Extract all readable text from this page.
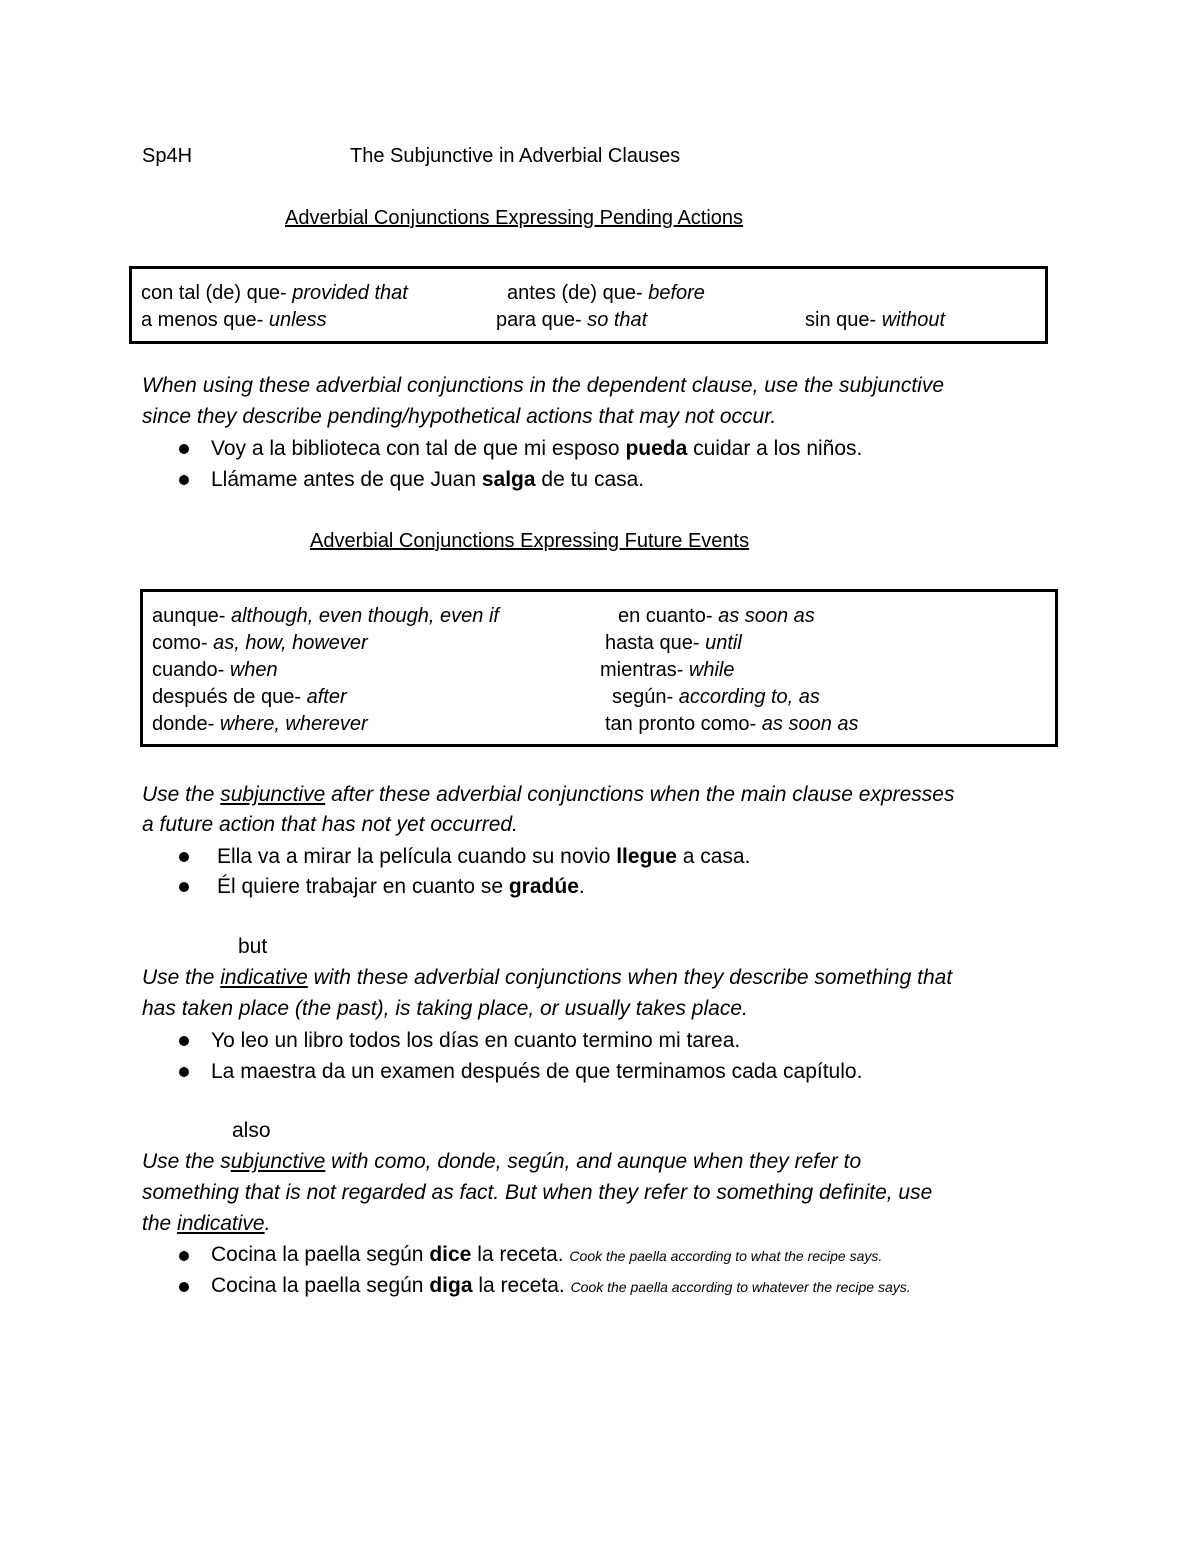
Sp4H	The Subjunctive in Adverbial Clauses
Adverbial Conjunctions Expressing Pending Actions
con tal (de) que- provided that	antes (de) que- before
a menos que- unless	para que- so that	sin que- without
When using these adverbial conjunctions in the dependent clause, use the subjunctive
since they describe pending/hypothetical actions that may not occur.
Voy a la biblioteca con tal de que mi esposo pueda cuidar a los niños.
Llámame antes de que Juan salga de tu casa.
Adverbial Conjunctions Expressing Future Events
aunque- although, even though, even if	en cuanto- as soon as
como- as, how, however	hasta que- until
cuando- when	mientras- while
después de que- after	según- according to, as
donde- where, wherever	tan pronto como- as soon as
Use the subjunctive after these adverbial conjunctions when the main clause expresses
a future action that has not yet occurred.
Ella va a mirar la película cuando su novio llegue a casa.
Él quiere trabajar en cuanto se gradúe.
but
Use the indicative with these adverbial conjunctions when they describe something that
has taken place (the past), is taking place, or usually takes place.
Yo leo un libro todos los días en cuanto termino mi tarea.
La maestra da un examen después de que terminamos cada capítulo.
also
Use the subjunctive with como, donde, según, and aunque when they refer to
something that is not regarded as fact. But when they refer to something definite, use
the indicative.
Cocina la paella según dice la receta. Cook the paella according to what the recipe says.
Cocina la paella según diga la receta. Cook the paella according to whatever the recipe says.
